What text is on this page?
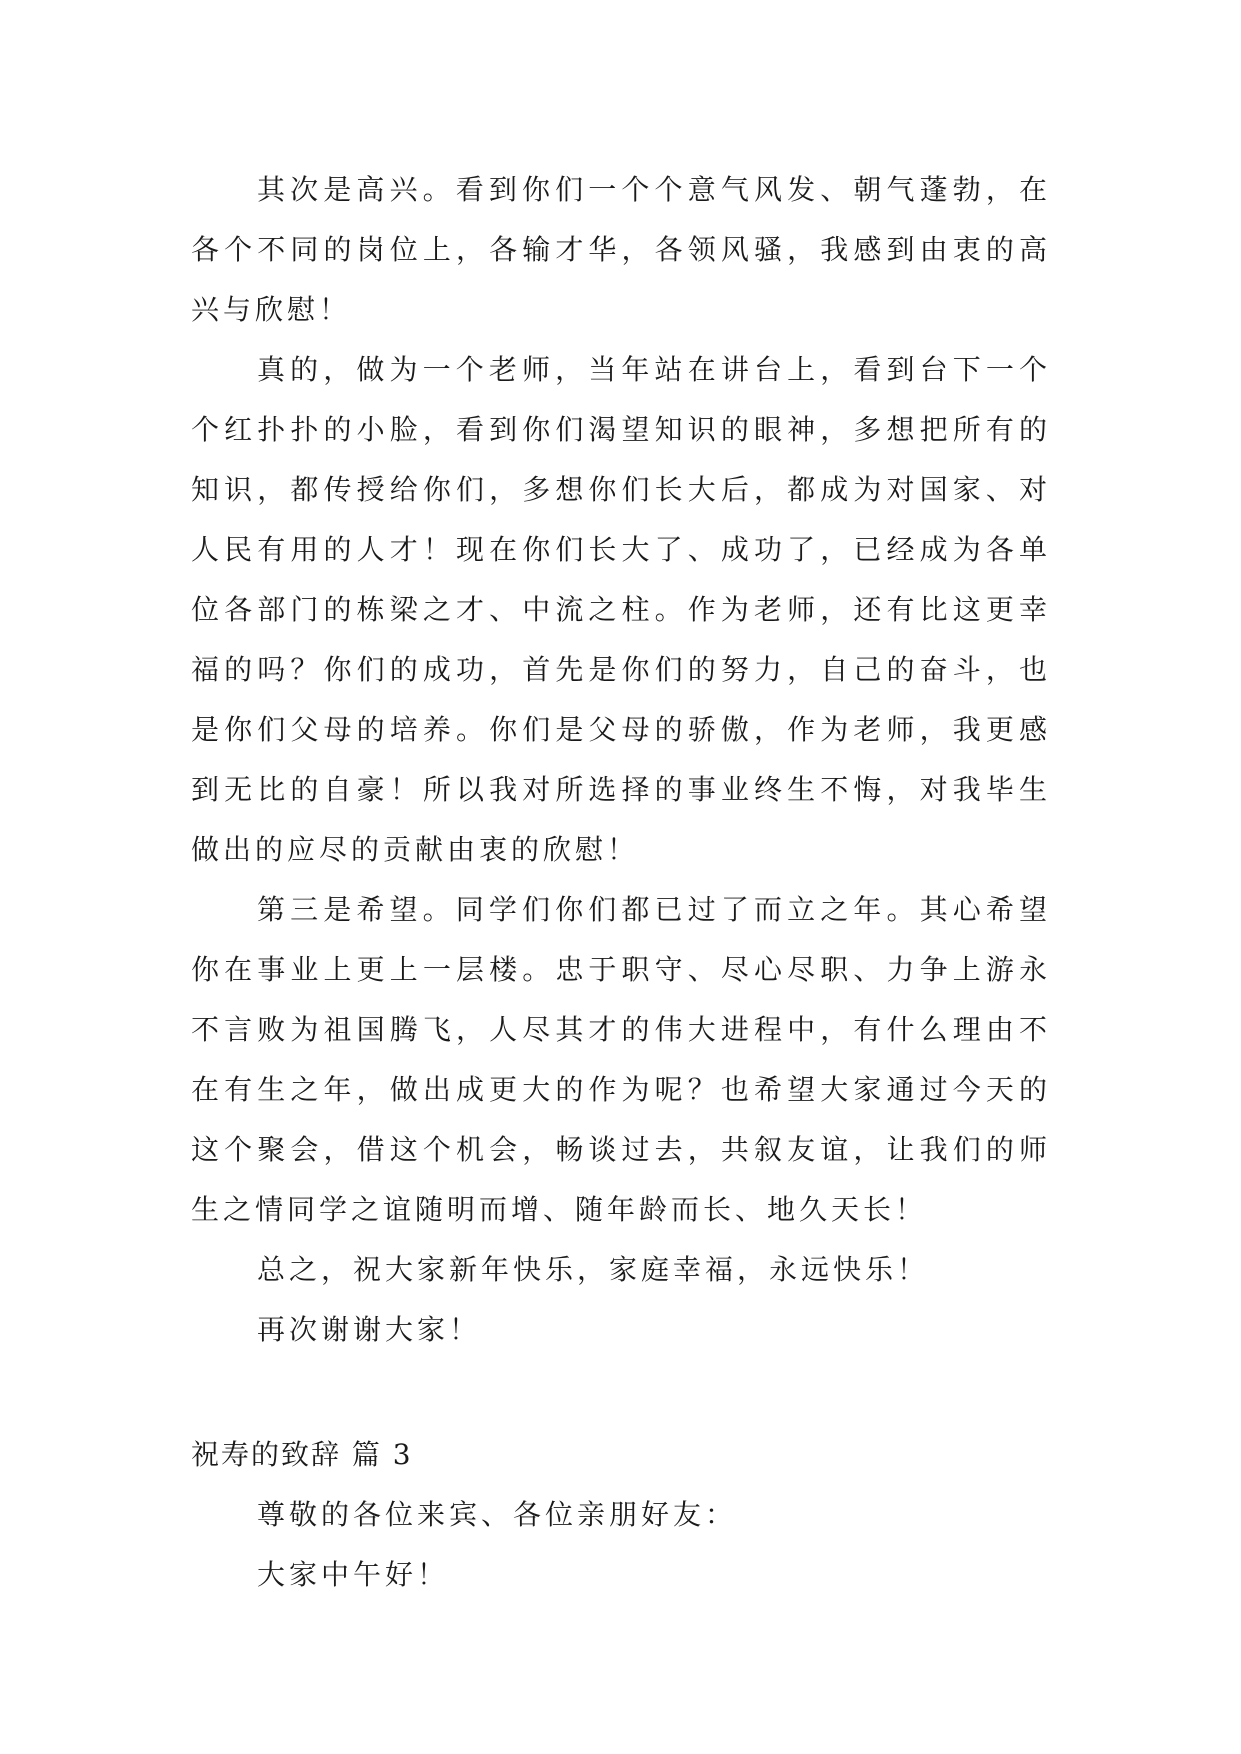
其次是高兴。看到你们一个个意气风发、朝气蓬勃，在各个不同的岗位上，各输才华，各领风骚，我感到由衷的高兴与欣慰！

真的，做为一个老师，当年站在讲台上，看到台下一个个红扑扑的小脸，看到你们渴望知识的眼神，多想把所有的知识，都传授给你们，多想你们长大后，都成为对国家、对人民有用的人才！现在你们长大了、成功了，已经成为各单位各部门的栋梁之才、中流之柱。作为老师，还有比这更幸福的吗？你们的成功，首先是你们的努力，自己的奋斗，也是你们父母的培养。你们是父母的骄傲，作为老师，我更感到无比的自豪！所以我对所选择的事业终生不悔，对我毕生做出的应尽的贡献由衷的欣慰！

第三是希望。同学们你们都已过了而立之年。其心希望你在事业上更上一层楼。忠于职守、尽心尽职、力争上游永不言败为祖国腾飞，人尽其才的伟大进程中，有什么理由不在有生之年，做出成更大的作为呢？也希望大家通过今天的这个聚会，借这个机会，畅谈过去，共叙友谊，让我们的师生之情同学之谊随明而增、随年龄而长、地久天长！

总之，祝大家新年快乐，家庭幸福，永远快乐！

再次谢谢大家！

祝寿的致辞 篇 3

尊敬的各位来宾、各位亲朋好友：

大家中午好！
